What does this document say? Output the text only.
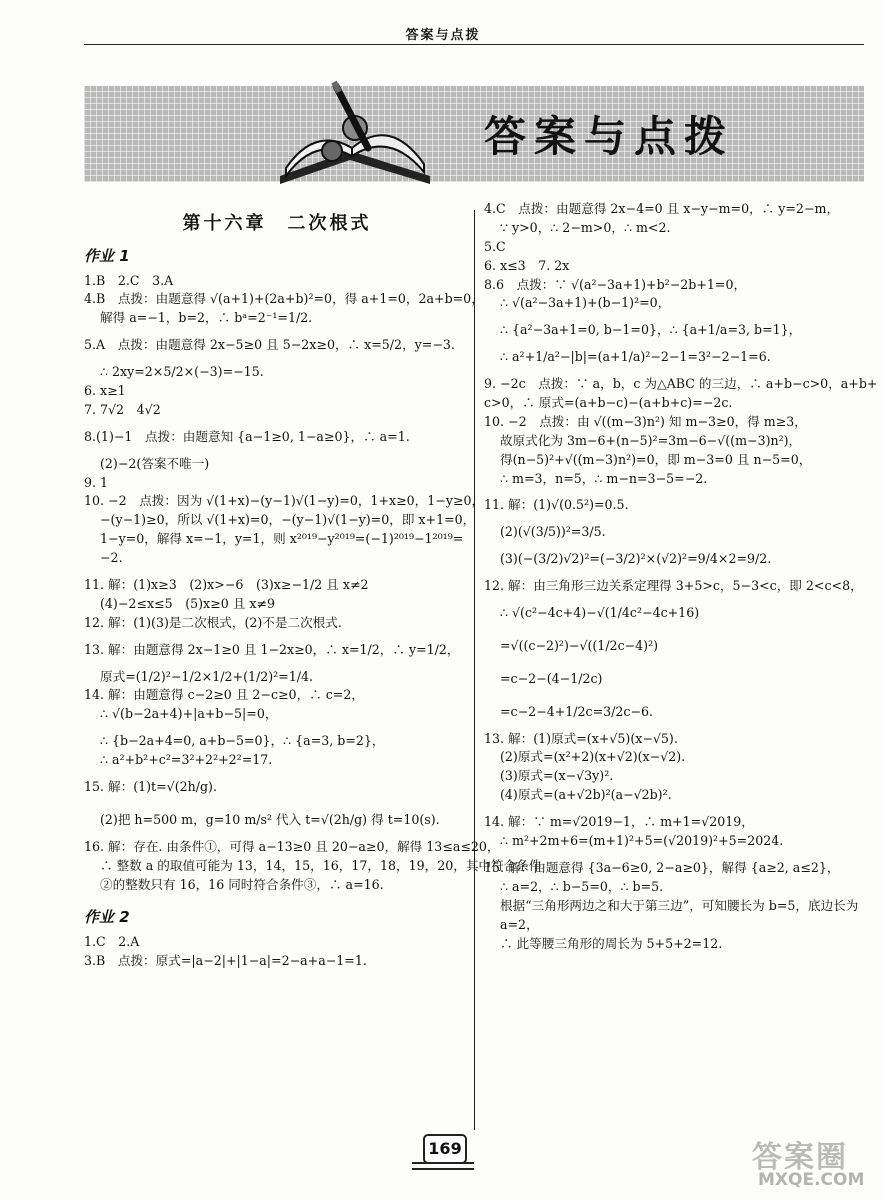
答案与点拨
答案与点拨
第十六章　二次根式
作业 1

1.B　2.C　3.A

4.B　点拨：由题意得 √(a+1)+(2a+b)²=0，得 a+1=0，2a+b=0，

解得 a=−1，b=2，∴ bᵃ=2⁻¹=1/2.

5.A　点拨：由题意得 2x−5≥0 且 5−2x≥0，∴ x=5/2，y=−3.

∴ 2xy=2×5/2×(−3)=−15.

6. x≥1

7. 7√2　4√2

8.(1)−1　点拨：由题意知 {a−1≥0, 1−a≥0}，∴ a=1.

(2)−2(答案不唯一)

9. 1

10. −2　点拨：因为 √(1+x)−(y−1)√(1−y)=0，1+x≥0，1−y≥0，

−(y−1)≥0，所以 √(1+x)=0，−(y−1)√(1−y)=0，即 x+1=0，

1−y=0，解得 x=−1，y=1，则 x²⁰¹⁹−y²⁰¹⁹=(−1)²⁰¹⁹−1²⁰¹⁹=

−2.

11. 解：(1)x≥3　(2)x>−6　(3)x≥−1/2 且 x≠2

(4)−2≤x≤5　(5)x≥0 且 x≠9

12. 解：(1)(3)是二次根式，(2)不是二次根式.

13. 解：由题意得 2x−1≥0 且 1−2x≥0，∴ x=1/2，∴ y=1/2，

原式=(1/2)²−1/2×1/2+(1/2)²=1/4.

14. 解：由题意得 c−2≥0 且 2−c≥0，∴ c=2，

∴ √(b−2a+4)+|a+b−5|=0，

∴ {b−2a+4=0, a+b−5=0}，∴ {a=3, b=2}，

∴ a²+b²+c²=3²+2²+2²=17.

15. 解：(1)t=√(2h/g).

(2)把 h=500 m，g=10 m/s² 代入 t=√(2h/g) 得 t=10(s).

16. 解：存在. 由条件①，可得 a−13≥0 且 20−a≥0，解得 13≤a≤20，

∴ 整数 a 的取值可能为 13，14，15，16，17，18，19，20，其中符合条件

②的整数只有 16，16 同时符合条件③，∴ a=16.

作业 2

1.C　2.A

3.B　点拨：原式=|a−2|+|1−a|=2−a+a−1=1.

4.C　点拨：由题意得 2x−4=0 且 x−y−m=0，∴ y=2−m，

∵ y>0，∴ 2−m>0，∴ m<2.

5.C

6. x≤3　7. 2x

8.6　点拨：∵ √(a²−3a+1)+b²−2b+1=0，

∴ √(a²−3a+1)+(b−1)²=0，

∴ {a²−3a+1=0, b−1=0}，∴ {a+1/a=3, b=1}，

∴ a²+1/a²−|b|=(a+1/a)²−2−1=3²−2−1=6.

9. −2c　点拨：∵ a，b，c 为△ABC 的三边，∴ a+b−c>0，a+b+

c>0，∴ 原式=(a+b−c)−(a+b+c)=−2c.

10. −2　点拨：由 √((m−3)n²) 知 m−3≥0，得 m≥3，

故原式化为 3m−6+(n−5)²=3m−6−√((m−3)n²)，

得(n−5)²+√((m−3)n²)=0，即 m−3=0 且 n−5=0，

∴ m=3，n=5，∴ m−n=3−5=−2.

11. 解：(1)√(0.5²)=0.5.

(2)(√(3/5))²=3/5.

(3)(−(3/2)√2)²=(−3/2)²×(√2)²=9/4×2=9/2.

12. 解：由三角形三边关系定理得 3+5>c，5−3<c，即 2<c<8，

∴ √(c²−4c+4)−√(1/4c²−4c+16)

=√((c−2)²)−√((1/2c−4)²)

=c−2−(4−1/2c)

=c−2−4+1/2c=3/2c−6.

13. 解：(1)原式=(x+√5)(x−√5).

(2)原式=(x²+2)(x+√2)(x−√2).

(3)原式=(x−√3y)².

(4)原式=(a+√2b)²(a−√2b)².

14. 解：∵ m=√2019−1，∴ m+1=√2019，

∴ m²+2m+6=(m+1)²+5=(√2019)²+5=2024.

15. 解：由题意得 {3a−6≥0, 2−a≥0}，解得 {a≥2, a≤2}，

∴ a=2，∴ b−5=0，∴ b=5.

根据“三角形两边之和大于第三边”，可知腰长为 b=5，底边长为

a=2，

∴ 此等腰三角形的周长为 5+5+2=12.

169	答案圈
MXQE.COM
